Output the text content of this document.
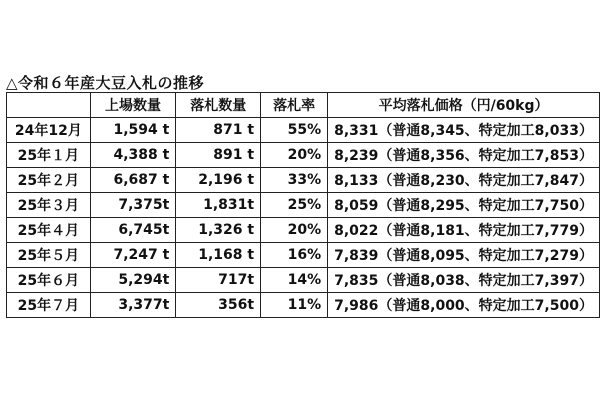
△令和６年産大豆入札の推移
	上場数量	落札数量	落札率	平均落札価格（円/60kg）
24年12月	1,594 t	871 t	55%	8,331（普通8,345、特定加工8,033）
25年１月	4,388 t	891 t	20%	8,239（普通8,356、特定加工7,853）
25年２月	6,687 t	2,196 t	33%	8,133（普通8,230、特定加工7,847）
25年３月	7,375t	1,831t	25%	8,059（普通8,295、特定加工7,750）
25年４月	6,745t	1,326 t	20%	8,022（普通8,181、特定加工7,779）
25年５月	7,247 t	1,168 t	16%	7,839（普通8,095、特定加工7,279）
25年６月	5,294t	717t	14%	7,835（普通8,038、特定加工7,397）
25年７月	3,377t	356t	11%	7,986（普通8,000、特定加工7,500）
